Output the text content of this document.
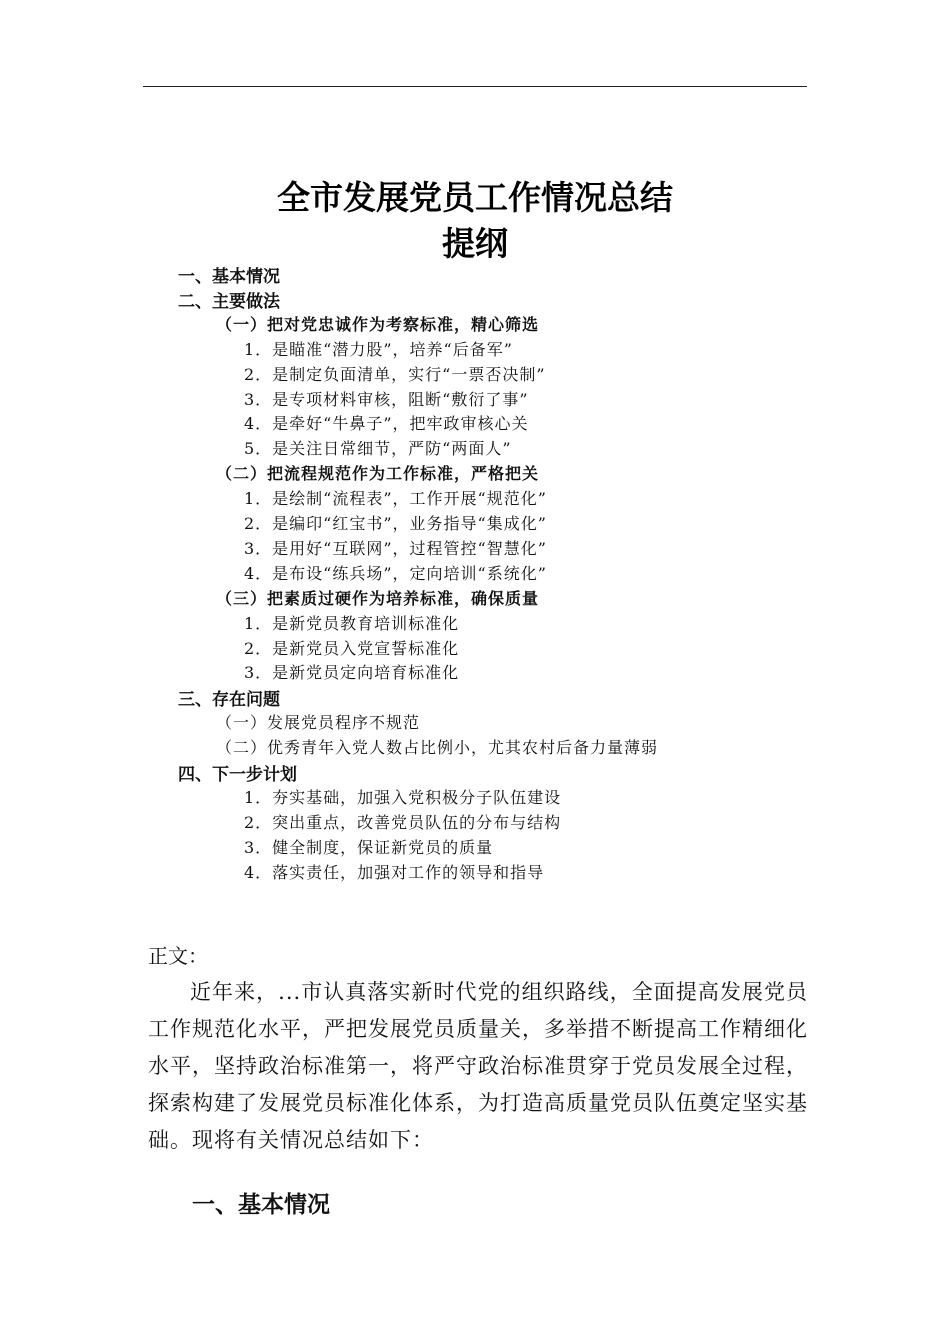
全市发展党员工作情况总结
提纲
一、基本情况
二、主要做法
（一）把对党忠诚作为考察标准，精心筛选
1．是瞄准“潜力股”，培养“后备军”
2．是制定负面清单，实行“一票否决制”
3．是专项材料审核，阻断“敷衍了事”
4．是牵好“牛鼻子”，把牢政审核心关
5．是关注日常细节，严防“两面人”
（二）把流程规范作为工作标准，严格把关
1．是绘制“流程表”，工作开展“规范化”
2．是编印“红宝书”，业务指导“集成化”
3．是用好“互联网”，过程管控“智慧化”
4．是布设“练兵场”，定向培训“系统化”
（三）把素质过硬作为培养标准，确保质量
1．是新党员教育培训标准化
2．是新党员入党宣誓标准化
3．是新党员定向培育标准化
三、存在问题
（一）发展党员程序不规范
（二）优秀青年入党人数占比例小，尤其农村后备力量薄弱
四、下一步计划
1．夯实基础，加强入党积极分子队伍建设
2．突出重点，改善党员队伍的分布与结构
3．健全制度，保证新党员的质量
4．落实责任，加强对工作的领导和指导
正文：
近年来，...市认真落实新时代党的组织路线，全面提高发展党员工作规范化水平，严把发展党员质量关，多举措不断提高工作精细化水平，坚持政治标准第一，将严守政治标准贯穿于党员发展全过程，探索构建了发展党员标准化体系，为打造高质量党员队伍奠定坚实基础。现将有关情况总结如下：
一、基本情况
